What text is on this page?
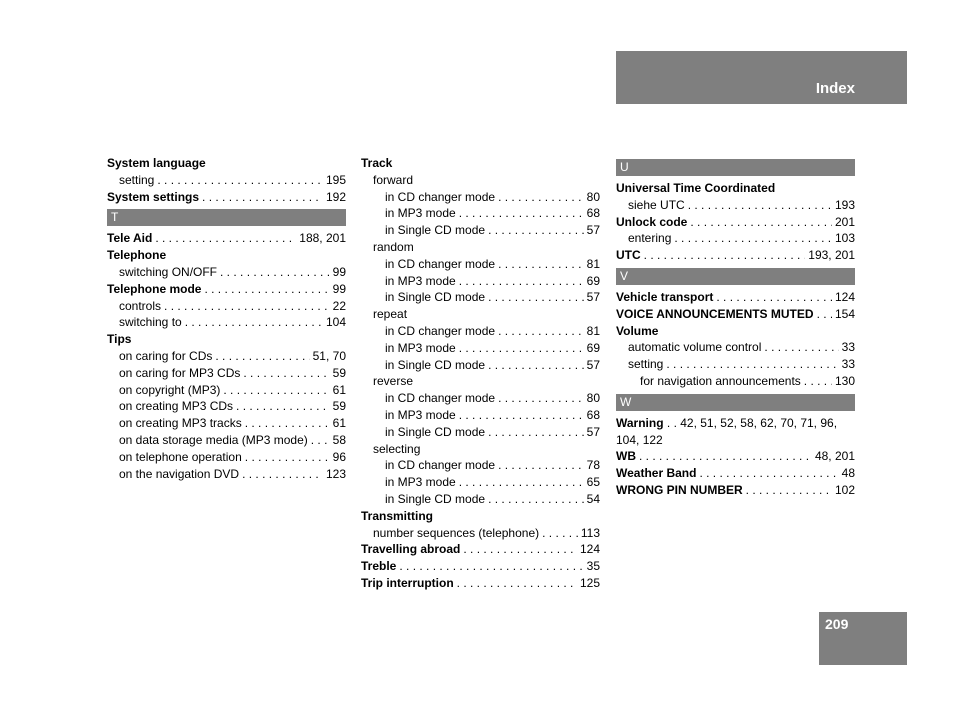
Index
System language
setting . . .	195
System settings . . .	192
T
Tele Aid . . .	188, 201
Telephone
switching ON/OFF . . .	99
Telephone mode . . .	99
controls . . .	22
switching to . . .	104
Tips
on caring for CDs . . .	51, 70
on caring for MP3 CDs . . .	59
on copyright (MP3) . . .	61
on creating MP3 CDs . . .	59
on creating MP3 tracks . . .	61
on data storage media (MP3 mode) . . . 58
on telephone operation . . .	96
on the navigation DVD . . .	123
Track
forward
in CD changer mode . . .	80
in MP3 mode . . .	68
in Single CD mode . . .	57
random
in CD changer mode . . .	81
in MP3 mode . . .	69
in Single CD mode . . .	57
repeat
in CD changer mode . . .	81
in MP3 mode . . .	69
in Single CD mode . . .	57
reverse
in CD changer mode . . .	80
in MP3 mode . . .	68
in Single CD mode . . .	57
selecting
in CD changer mode . . .	78
in MP3 mode . . .	65
in Single CD mode . . .	54
Transmitting
number sequences (telephone) . . .	113
Travelling abroad . . .	124
Treble . . .	35
Trip interruption . . .	125
U
Universal Time Coordinated
siehe UTC . . .	193
Unlock code . . .	201
entering . . .	103
UTC . . .	193, 201
V
Vehicle transport . . .	124
VOICE ANNOUNCEMENTS MUTED . . . 154
Volume
automatic volume control . . .	33
setting . . .	33
for navigation announcements . . .	130
W
Warning . . 42, 51, 52, 58, 62, 70, 71, 96, 104, 122
WB . . .	48, 201
Weather Band . . .	48
WRONG PIN NUMBER . . .	102
209
